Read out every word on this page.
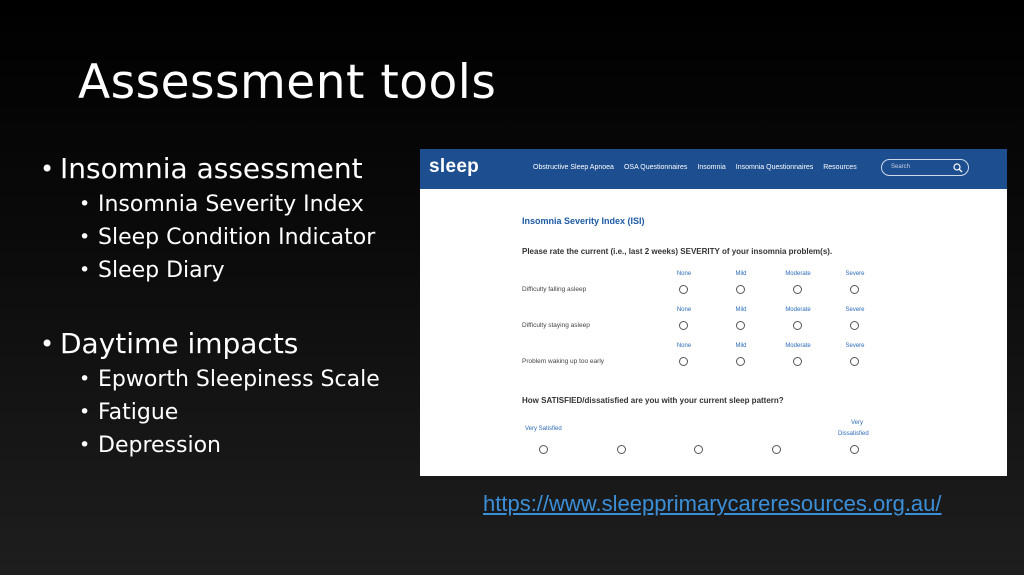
Assessment tools
• Insomnia assessment
• Insomnia Severity Index
• Sleep Condition Indicator
• Sleep Diary
• Daytime impacts
• Epworth Sleepiness Scale
• Fatigue
• Depression
sleep	Obstructive Sleep Apnoea OSA Questionnaires Insomnia Insomnia Questionnaires Resources	Search
Insomnia Severity Index (ISI)
Please rate the current (i.e., last 2 weeks) SEVERITY of your insomnia problem(s).
None	Mild	Moderate	Severe
Difficulty falling asleep
None	Mild	Moderate	Severe
Difficulty staying asleep
None	Mild	Moderate	Severe
Problem waking up too early
How SATISFIED/dissatisfied are you with your current sleep pattern?
Very Satisfied
Very
Dissatisfied
https://www.sleepprimarycareresources.org.au/
